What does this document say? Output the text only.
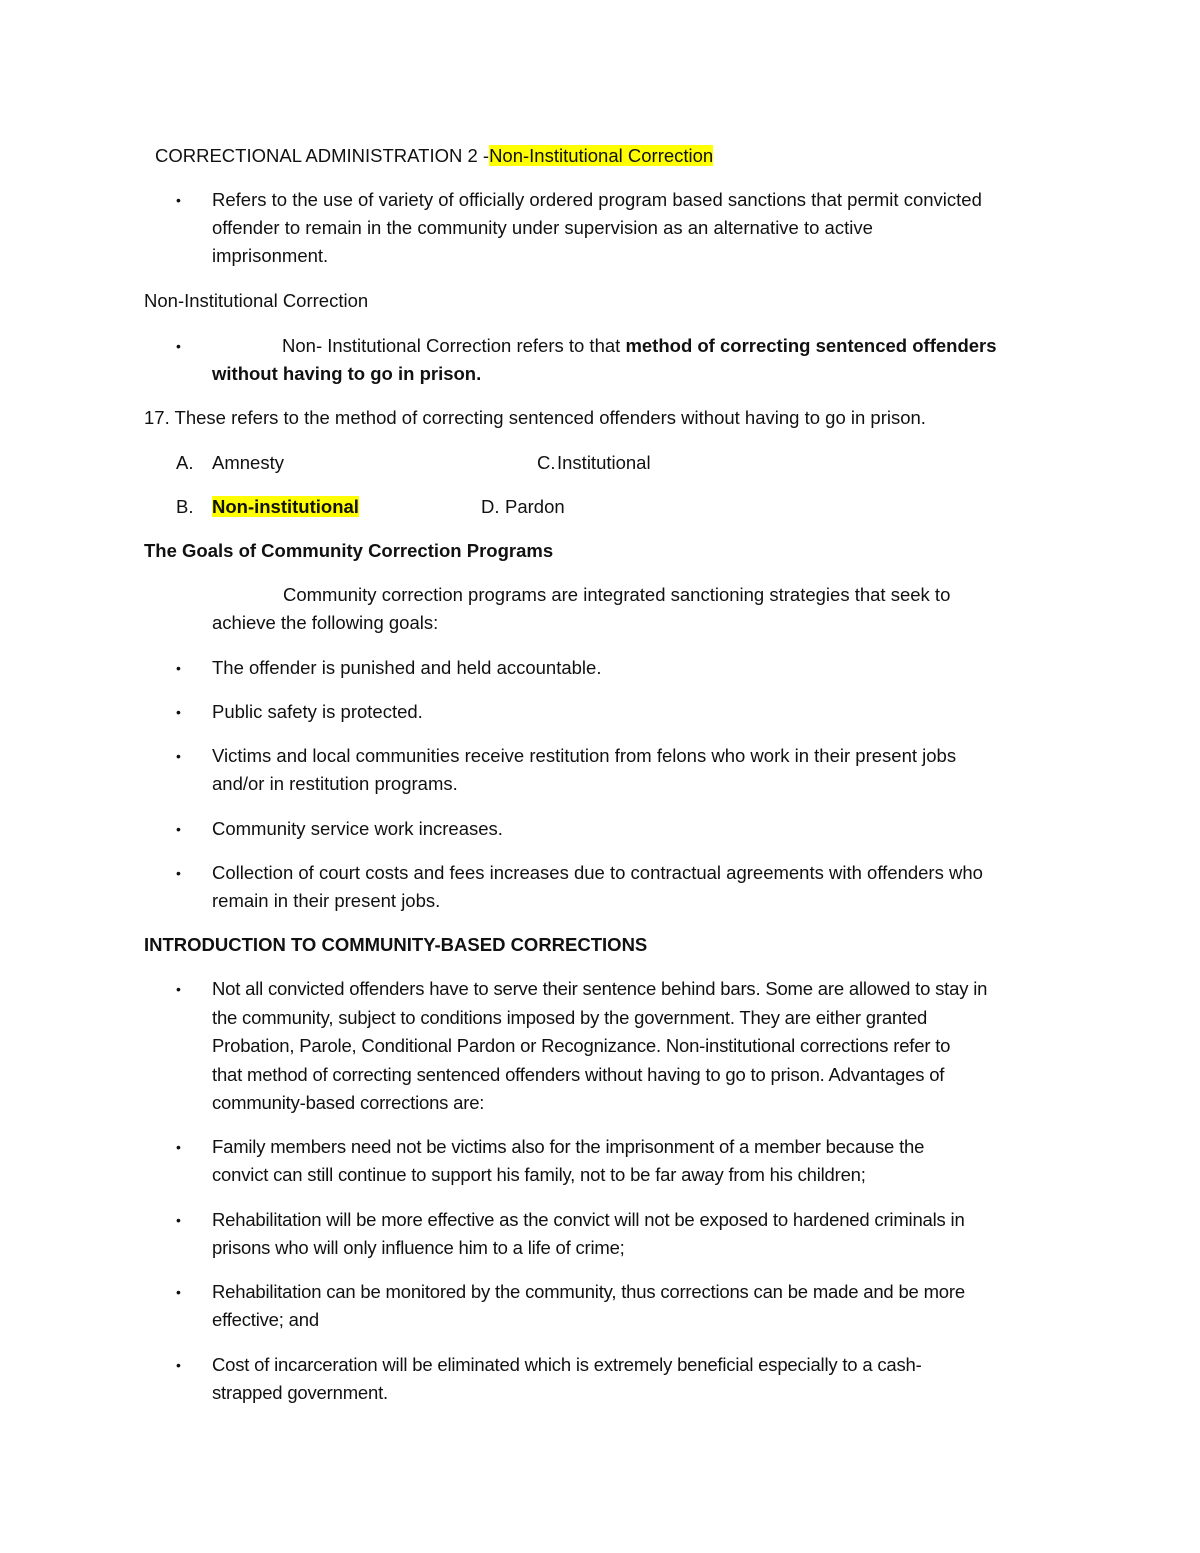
CORRECTIONAL ADMINISTRATION 2 -Non-Institutional Correction
• Refers to the use of variety of officially ordered program based sanctions that permit convicted
offender to remain in the community under supervision as an alternative to active
imprisonment.
Non-Institutional Correction
•	Non- Institutional Correction refers to that method of correcting sentenced offenders
without having to go in prison.
17. These refers to the method of correcting sentenced offenders without having to go in prison.
A. Amnesty	C. Institutional
B. Non-institutional	D. Pardon
The Goals of Community Correction Programs
Community correction programs are integrated sanctioning strategies that seek to
achieve the following goals:
• The offender is punished and held accountable.
• Public safety is protected.
• Victims and local communities receive restitution from felons who work in their present jobs
and/or in restitution programs.
• Community service work increases.
• Collection of court costs and fees increases due to contractual agreements with offenders who
remain in their present jobs.
INTRODUCTION TO COMMUNITY-BASED CORRECTIONS
• Not all convicted offenders have to serve their sentence behind bars. Some are allowed to stay in
the community, subject to conditions imposed by the government. They are either granted
Probation, Parole, Conditional Pardon or Recognizance. Non-institutional corrections refer to
that method of correcting sentenced offenders without having to go to prison. Advantages of
community-based corrections are:
• Family members need not be victims also for the imprisonment of a member because the
convict can still continue to support his family, not to be far away from his children;
• Rehabilitation will be more effective as the convict will not be exposed to hardened criminals in
prisons who will only influence him to a life of crime;
• Rehabilitation can be monitored by the community, thus corrections can be made and be more
effective; and
• Cost of incarceration will be eliminated which is extremely beneficial especially to a cash-
strapped government.
